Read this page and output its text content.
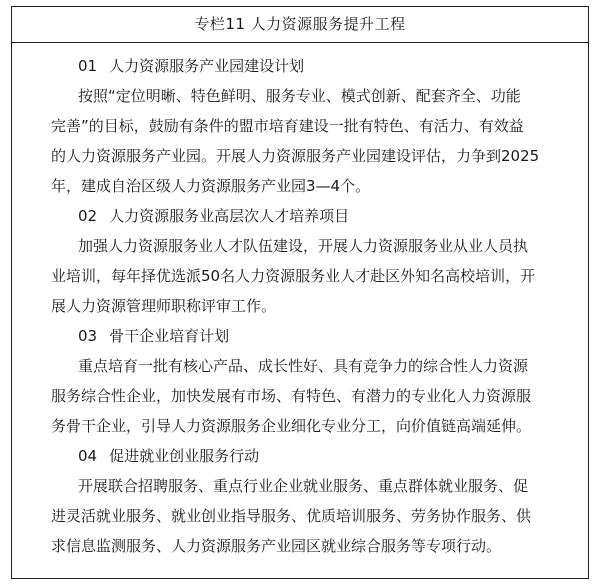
专栏11 人力资源服务提升工程

01 人力资源服务产业园建设计划

按照“定位明晰、特色鲜明、服务专业、模式创新、配套齐全、功能

完善”的目标，鼓励有条件的盟市培育建设一批有特色、有活力、有效益

的人力资源服务产业园。开展人力资源服务产业园建设评估，力争到2025

年，建成自治区级人力资源服务产业园3—4个。

02 人力资源服务业高层次人才培养项目

加强人力资源服务业人才队伍建设，开展人力资源服务业从业人员执

业培训，每年择优选派50名人力资源服务业人才赴区外知名高校培训，开

展人力资源管理师职称评审工作。

03 骨干企业培育计划

重点培育一批有核心产品、成长性好、具有竞争力的综合性人力资源

服务综合性企业，加快发展有市场、有特色、有潜力的专业化人力资源服

务骨干企业，引导人力资源服务企业细化专业分工，向价值链高端延伸。

04 促进就业创业服务行动

开展联合招聘服务、重点行业企业就业服务、重点群体就业服务、促

进灵活就业服务、就业创业指导服务、优质培训服务、劳务协作服务、供

求信息监测服务、人力资源服务产业园区就业综合服务等专项行动。
